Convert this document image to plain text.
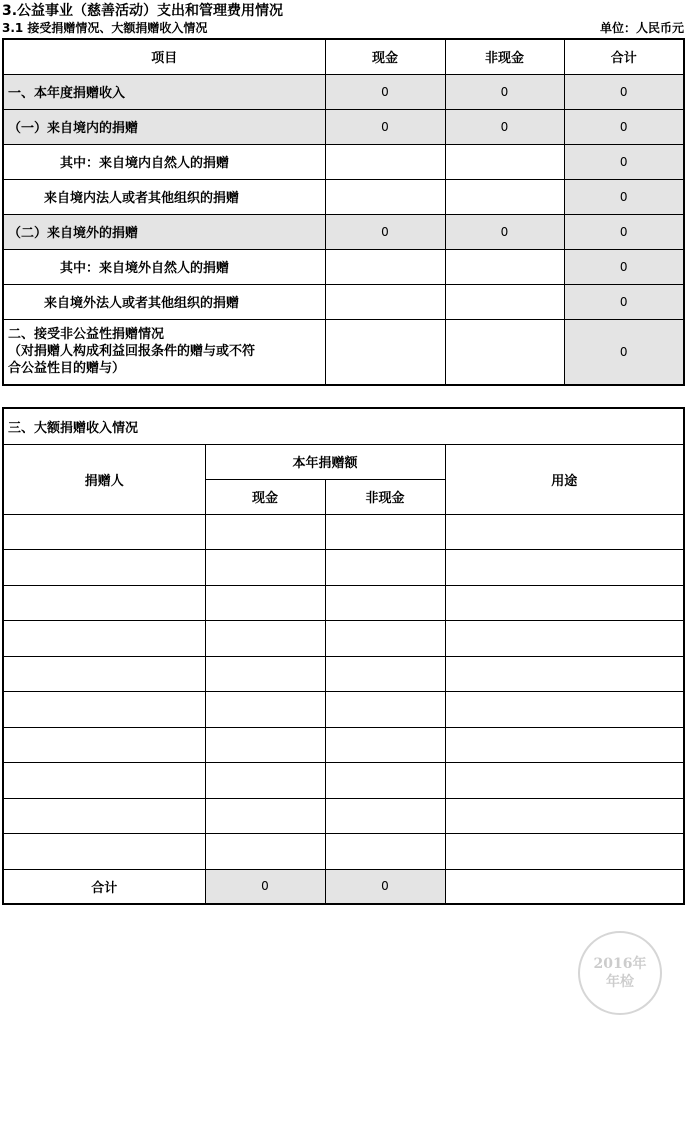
3.公益事业（慈善活动）支出和管理费用情况
3.1 接受捐赠情况、大额捐赠收入情况	单位：人民币元
项目	现金	非现金	合计
一、本年度捐赠收入	0	0	0
（一）来自境内的捐赠	0	0	0
其中：来自境内自然人的捐赠			0
来自境内法人或者其他组织的捐赠			0
（二）来自境外的捐赠	0	0	0
其中：来自境外自然人的捐赠			0
来自境外法人或者其他组织的捐赠			0

二、接受非公益性捐赠情况
（对捐赠人构成利益回报条件的赠与或不符
合公益性目的赠与）			0
三、大额捐赠收入情况			
捐赠人	本年捐赠额		用途
	现金	非现金	

合计	0	0	
2016年
年检
